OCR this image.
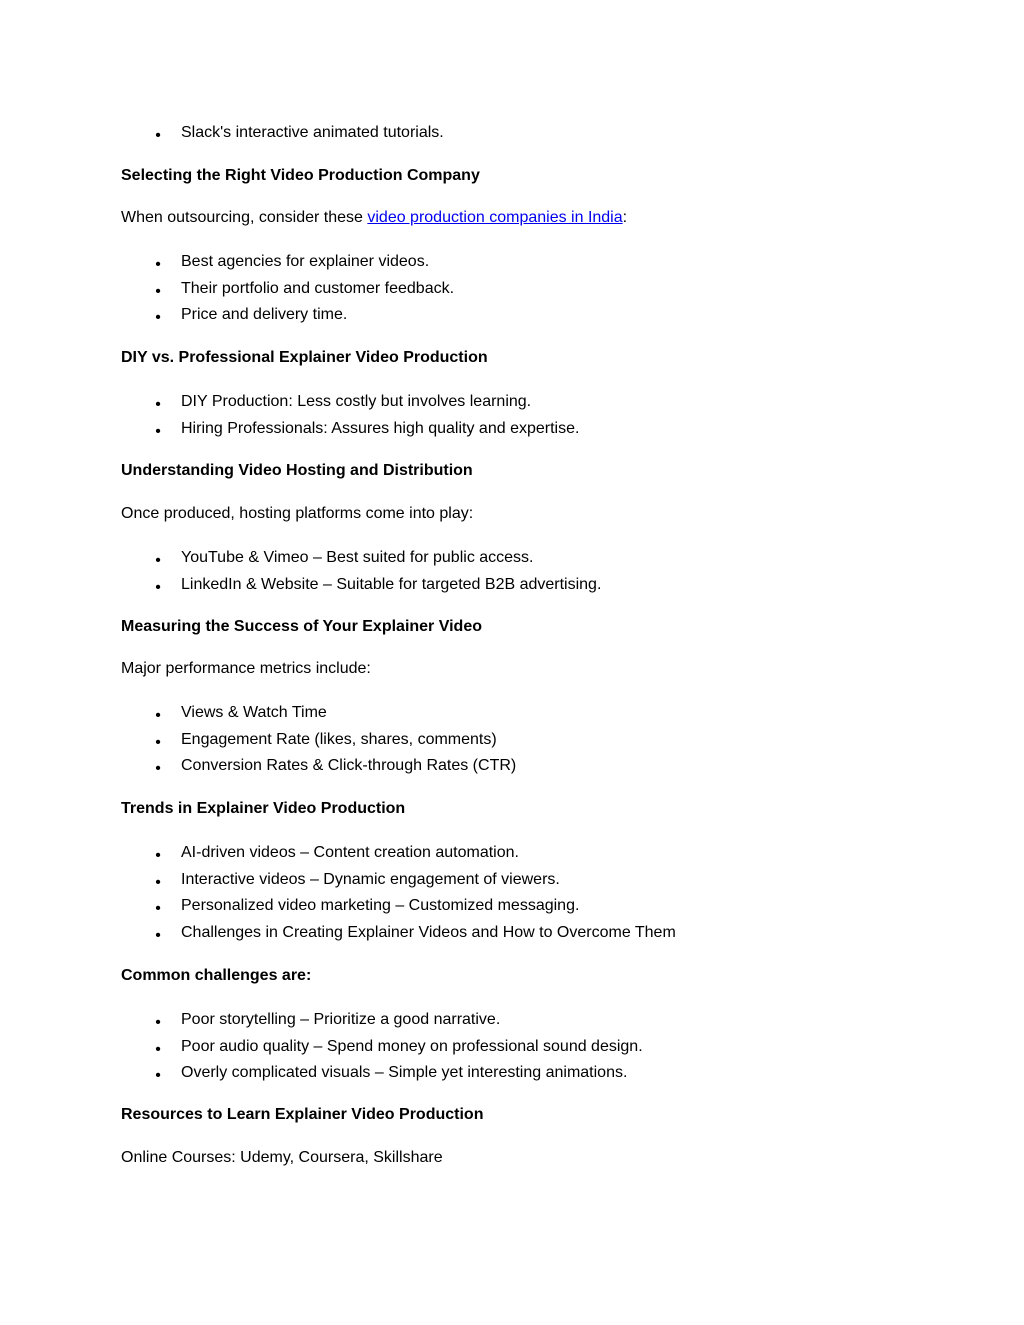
• Slack's interactive animated tutorials.

Selecting the Right Video Production Company

When outsourcing, consider these video production companies in India:

• Best agencies for explainer videos.
• Their portfolio and customer feedback.
• Price and delivery time.

DIY vs. Professional Explainer Video Production

• DIY Production: Less costly but involves learning.
• Hiring Professionals: Assures high quality and expertise.

Understanding Video Hosting and Distribution

Once produced, hosting platforms come into play:

• YouTube & Vimeo – Best suited for public access.
• LinkedIn & Website – Suitable for targeted B2B advertising.

Measuring the Success of Your Explainer Video

Major performance metrics include:

• Views & Watch Time
• Engagement Rate (likes, shares, comments)
• Conversion Rates & Click-through Rates (CTR)

Trends in Explainer Video Production

• AI-driven videos – Content creation automation.
• Interactive videos – Dynamic engagement of viewers.
• Personalized video marketing – Customized messaging.
• Challenges in Creating Explainer Videos and How to Overcome Them

Common challenges are:

• Poor storytelling – Prioritize a good narrative.
• Poor audio quality – Spend money on professional sound design.
• Overly complicated visuals – Simple yet interesting animations.

Resources to Learn Explainer Video Production

Online Courses: Udemy, Coursera, Skillshare
